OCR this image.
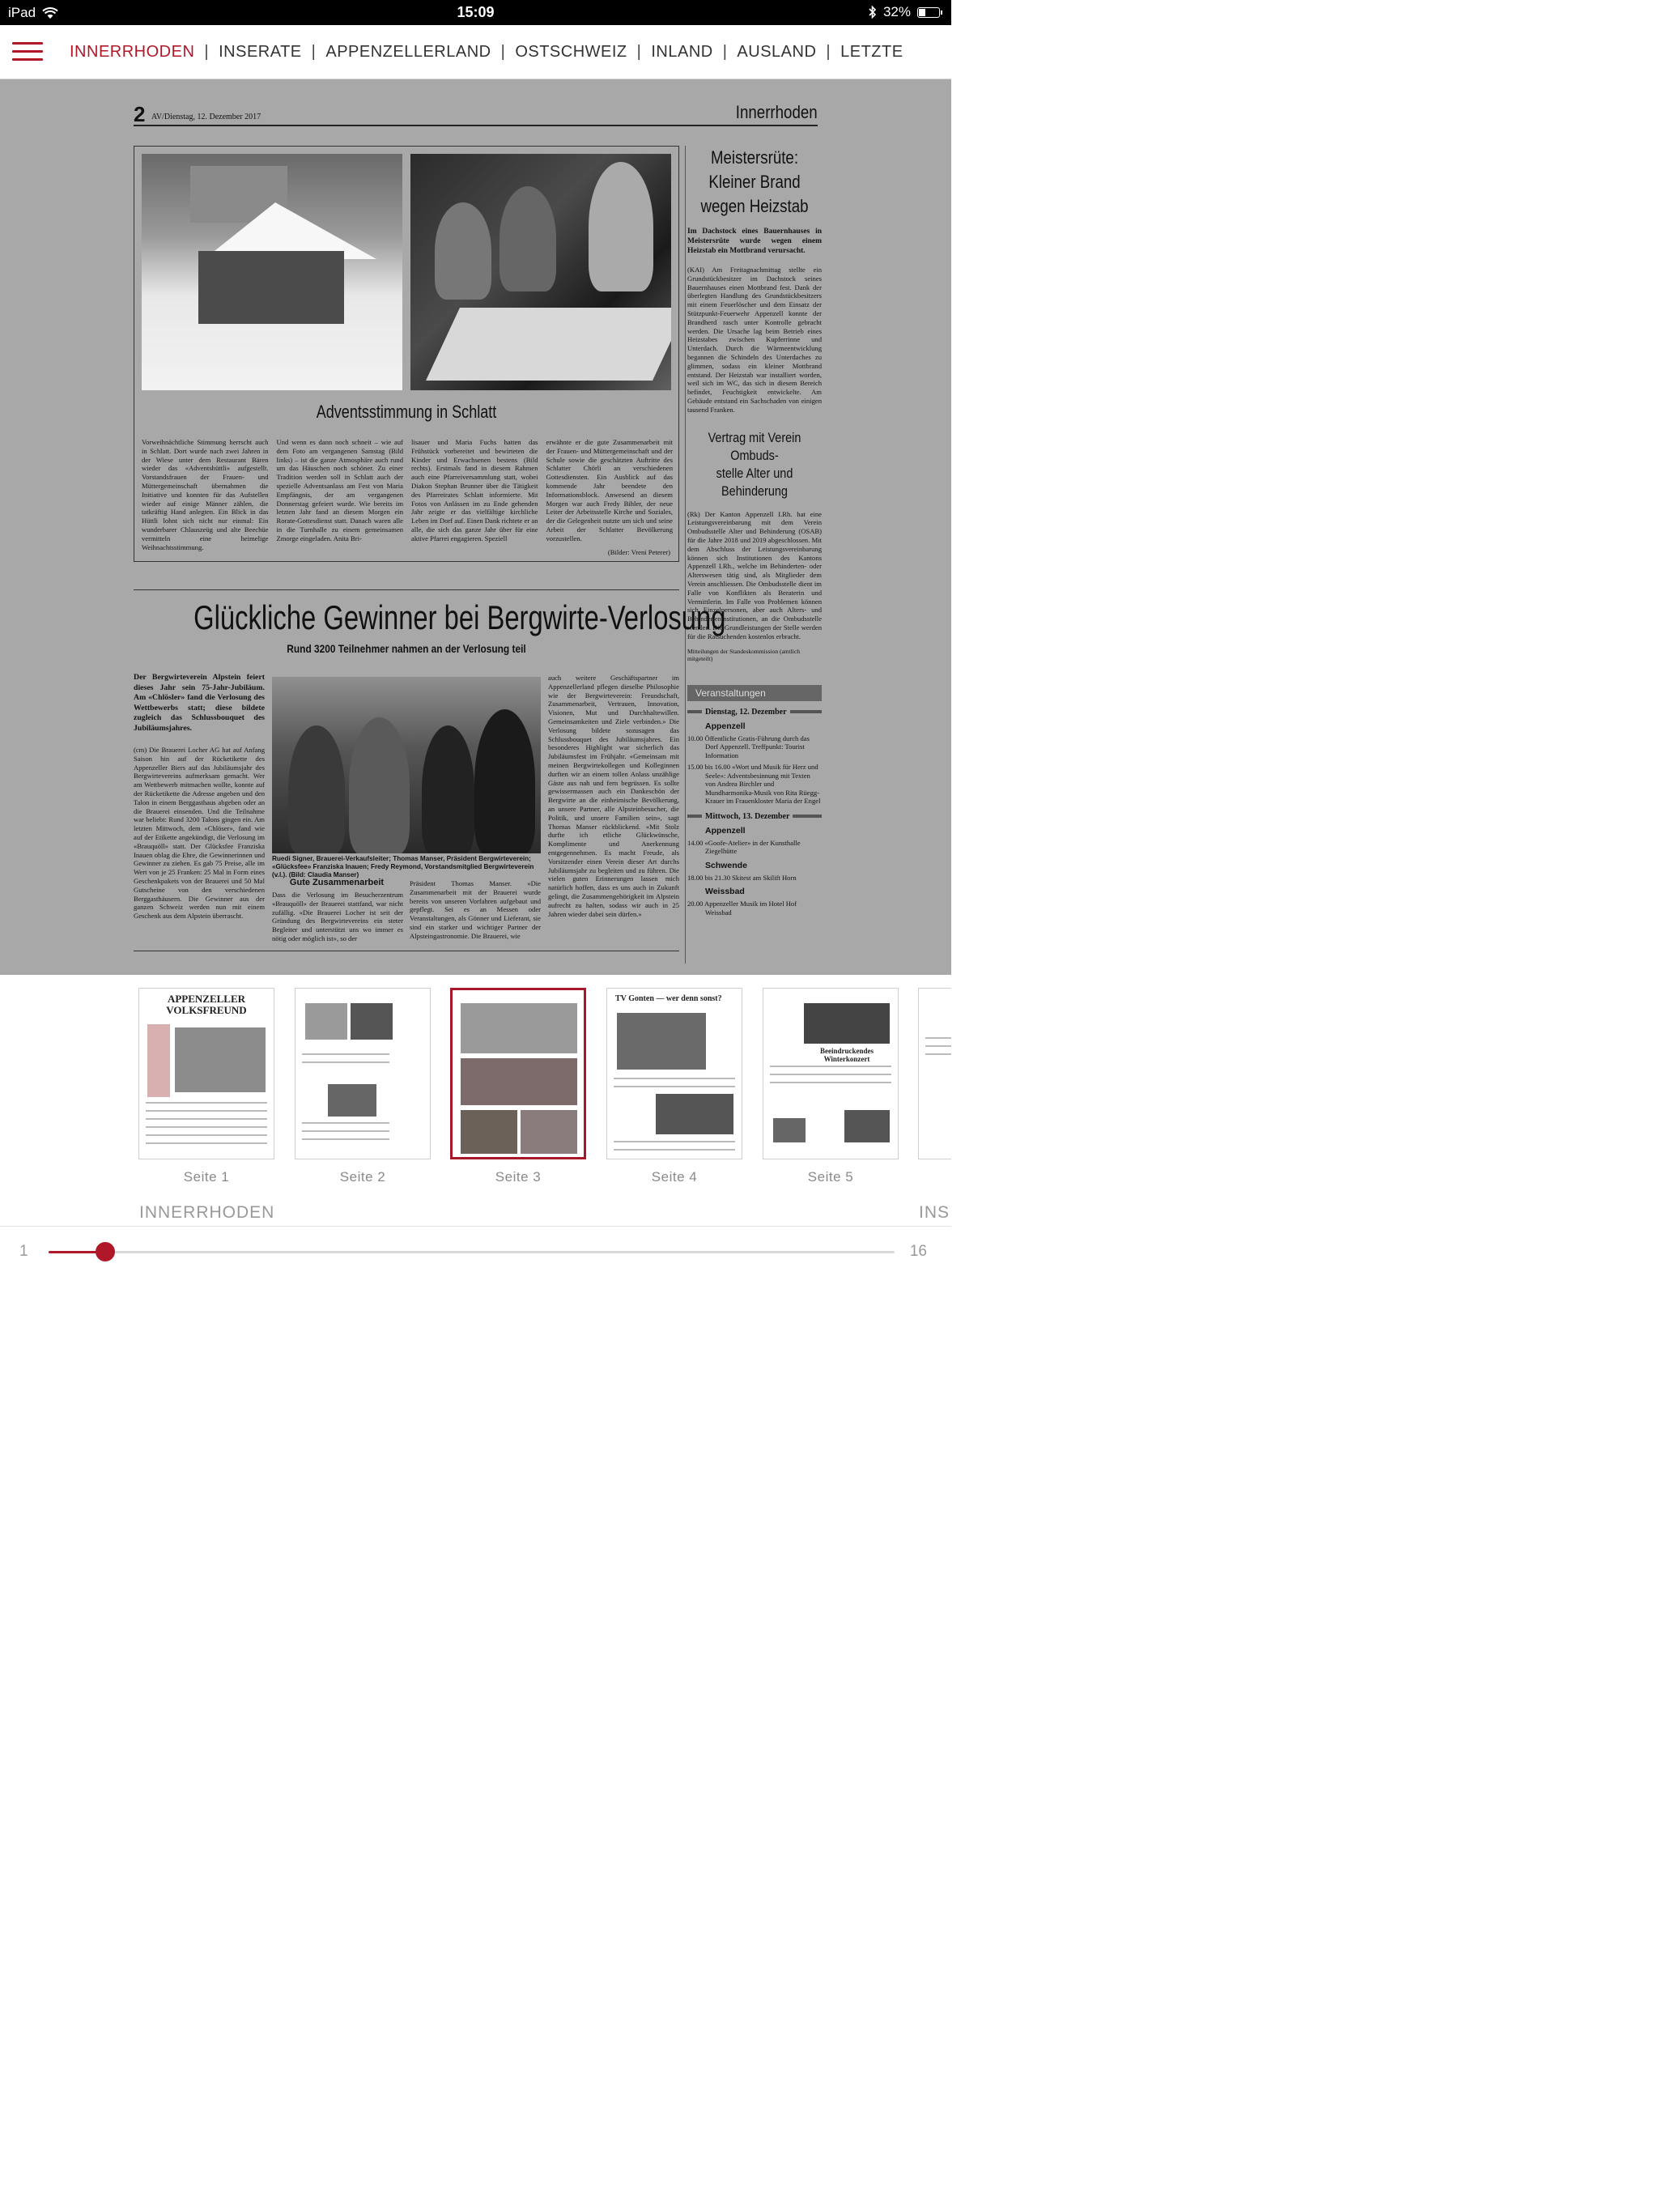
iPad	15:09	32%
INNERRHODEN | INSERATE | APPENZELLERLAND | OSTSCHWEIZ | INLAND | AUSLAND | LETZTE
2 AV/Dienstag, 12. Dezember 2017	Innerrhoden
Adventsstimmung in Schlatt
Vorweihnächtliche Stimmung herrscht auch in Schlatt. Dort wurde nach zwei Jahren in der Wiese unter dem Restaurant Bären wieder das «Adventshüttli» aufgestellt. Vorstandsfrauen der Frauen- und Müttergemeinschaft übernahmen die Initiative und konnten für das Aufstellen wieder auf einige Männer zählen, die tatkräftig Hand anlegten. Ein Blick in das Hüttli lohnt sich nicht nur einmal: Ein wunderbarer Chlauszeüg und alte Beechüe vermitteln eine heimelige Weihnachtsstimmung.
Und wenn es dann noch schneit – wie auf dem Foto am vergangenen Samstag (Bild links) – ist die ganze Atmosphäre auch rund um das Häuschen noch schöner. Zu einer Tradition werden soll in Schlatt auch der spezielle Adventsanlass am Fest von Maria Empfängnis, der am vergangenen Donnerstag gefeiert wurde. Wie bereits im letzten Jahr fand an diesem Morgen ein Rorate-Gottesdienst statt. Danach waren alle in die Turnhalle zu einem gemeinsamen Zmorge eingeladen. Anita Bri-
lisauer und Maria Fuchs hatten das Frühstück vorbereitet und bewirteten die Kinder und Erwachsenen bestens (Bild rechts). Erstmals fand in diesem Rahmen auch eine Pfarreiversammlung statt, wobei Diakon Stephan Brunner über die Tätigkeit des Pfarreirates Schlatt informierte. Mit Fotos von Anlässen im zu Ende gehenden Jahr zeigte er das vielfältige kirchliche Leben im Dorf auf. Einen Dank richtete er an alle, die sich das ganze Jahr über für eine aktive Pfarrei engagieren. Speziell
erwähnte er die gute Zusammenarbeit mit der Frauen- und Müttergemeinschaft und der Schule sowie die geschätzten Auftritte des Schlatter Chörli an verschiedenen Gottesdiensten. Ein Ausblick auf das kommende Jahr beendete den Informationsblock. Anwesend an diesem Morgen war auch Fredy Bihler, der neue Leiter der Arbeitsstelle Kirche und Soziales, der die Gelegenheit nutzte um sich und seine Arbeit der Schlatter Bevölkerung vorzustellen.
(Bilder: Vreni Peterer)
Meistersrüte:
Kleiner Brand
wegen Heizstab
Im Dachstock eines Bauernhauses in Meistersrüte wurde wegen einem Heizstab ein Mottbrand verursacht.
(KAI) Am Freitagnachmittag stellte ein Grundstückbesitzer im Dachstock seines Bauernhauses einen Mottbrand fest. Dank der überlegten Handlung des Grundstückbesitzers mit einem Feuerlöscher und dem Einsatz der Stützpunkt-Feuerwehr Appenzell konnte der Brandherd rasch unter Kontrolle gebracht werden. Die Ursache lag beim Betrieb eines Heizstabes zwischen Kupferrinne und Unterdach. Durch die Wärmeentwicklung begannen die Schindeln des Unterdaches zu glimmen, sodass ein kleiner Mottbrand entstand. Der Heizstab war installiert worden, weil sich im WC, das sich in diesem Bereich befindet, Feuchtigkeit entwickelte. Am Gebäude entstand ein Sachschaden von einigen tausend Franken.
Vertrag mit Verein Ombuds-
stelle Alter und Behinderung
(Rk) Der Kanton Appenzell I.Rh. hat eine Leistungsvereinbarung mit dem Verein Ombudsstelle Alter und Behinderung (OSAB) für die Jahre 2018 und 2019 abgeschlossen. Mit dem Abschluss der Leistungsvereinbarung können sich Institutionen des Kantons Appenzell I.Rh., welche im Behinderten- oder Alterswesen tätig sind, als Mitglieder dem Verein anschliessen. Die Ombudsstelle dient im Falle von Konflikten als Beraterin und Vermittlerin. Im Falle von Problemen können sich Einzelpersonen, aber auch Alters- und Behinderteninstitutionen, an die Ombudsstelle wenden. Die Grundleistungen der Stelle werden für die Ratsuchenden kostenlos erbracht.
Mitteilungen der Standeskommission (amtlich mitgeteilt)
Veranstaltungen
Dienstag, 12. Dezember
Appenzell
10.00 Öffentliche Gratis-Führung durch das Dorf Appenzell. Treffpunkt: Tourist Information
15.00 bis 16.00 «Wort und Musik für Herz und Seele»: Adventsbesinnung mit Texten von Andrea Birchler und Mundharmonika-Musik von Rita Rüegg-Krauer im Frauenkloster Maria der Engel
Mittwoch, 13. Dezember
Appenzell
14.00 «Goofe-Atelier» in der Kunsthalle Ziegelhütte
Schwende
18.00 bis 21.30 Skitest am Skilift Horn
Weissbad
20.00 Appenzeller Musik im Hotel Hof Weissbad
Glückliche Gewinner bei Bergwirte-Verlosung
Rund 3200 Teilnehmer nahmen an der Verlosung teil
Der Bergwirteverein Alpstein feiert dieses Jahr sein 75-Jahr-Jubiläum. Am «Chlösler» fand die Verlosung des Wettbewerbs statt; diese bildete zugleich das Schlussbouquet des Jubiläumsjahres.
(cm) Die Brauerei Locher AG hat auf Anfang Saison hin auf der Rücketikette des Appenzeller Biers auf das Jubiläumsjahr des Bergwirtevereins aufmerksam gemacht. Wer am Wettbewerb mitmachen wollte, konnte auf der Rücketikette die Adresse angeben und den Talon in einem Berggasthaus abgeben oder an die Brauerei einsenden. Und die Teilnahme war beliebt: Rund 3200 Talons gingen ein. Am letzten Mittwoch, dem «Chlöser», fand wie auf der Etikette angekündigt, die Verlosung im «Brauquöll» statt. Der Glücksfee Franziska Inauen oblag die Ehre, die Gewinnerinnen und Gewinner zu ziehen. Es gab 75 Preise, alle im Wert von je 25 Franken: 25 Mal in Form eines Geschenkpakets von der Brauerei und 50 Mal Gutscheine von den verschiedenen Berggasthäusern. Die Gewinner aus der ganzen Schweiz werden nun mit einem Geschenk aus dem Alpstein überrascht.
Ruedi Signer, Brauerei-Verkaufsleiter; Thomas Manser, Präsident Bergwirteverein; «Glücksfee» Franziska Inauen; Fredy Reymond, Vorstandsmitglied Bergwirteverein (v.l.). (Bild: Claudia Manser)
Gute Zusammenarbeit
Dass die Verlosung im Besucherzentrum «Brauquöll» der Brauerei stattfand, war nicht zufällig. «Die Brauerei Locher ist seit der Gründung des Bergwirtevereins ein steter Begleiter und unterstützt uns wo immer es nötig oder möglich ist», so der
Präsident Thomas Manser. «Die Zusammenarbeit mit der Brauerei wurde bereits von unseren Vorfahren aufgebaut und gepflegt. Sei es an Messen oder Veranstaltungen, als Gönner und Lieferant, sie sind ein starker und wichtiger Partner der Alpsteingastronomie. Die Brauerei, wie
auch weitere Geschäftspartner im Appenzellerland pflegen dieselbe Philosophie wie der Bergwirteverein: Freundschaft, Zusammenarbeit, Vertrauen, Innovation, Visionen, Mut und Durchhaltewillen. Gemeinsamkeiten und Ziele verbinden.» Die Verlosung bildete sozusagen das Schlussbouquet des Jubiläumsjahres. Ein besonderes Highlight war sicherlich das Jubiläumsfest im Frühjahr. «Gemeinsam mit meinen Bergwirtekollegen und Kolleginnen durften wir an einem tollen Anlass unzählige Gäste aus nah und fern begrüssen. Es sollte gewissermassen auch ein Dankeschön der Bergwirte an die einheimische Bevölkerung, an unsere Partner, alle Alpsteinbesucher, die Politik, und unsere Familien sein», sagt Thomas Manser rückblickend. «Mit Stolz durfte ich etliche Glückwünsche, Komplimente und Anerkennung entgegennehmen. Es macht Freude, als Vorsitzender einen Verein dieser Art durchs Jubiläumsjahr zu begleiten und zu führen. Die vielen guten Erinnerungen lassen mich natürlich hoffen, dass es uns auch in Zukunft gelingt, die Zusammengehörigkeit im Alpstein aufrecht zu halten, sodass wir auch in 25 Jahren wieder dabei sein dürfen.»
APPENZELLER VOLKSFREUND
Seite 1	Seite 2	Seite 3
TV Gonten — wer denn sonst?
Seite 4
Beeindruckendes Winterkonzert
Seite 5
INNERRHODEN	INS
1	16
